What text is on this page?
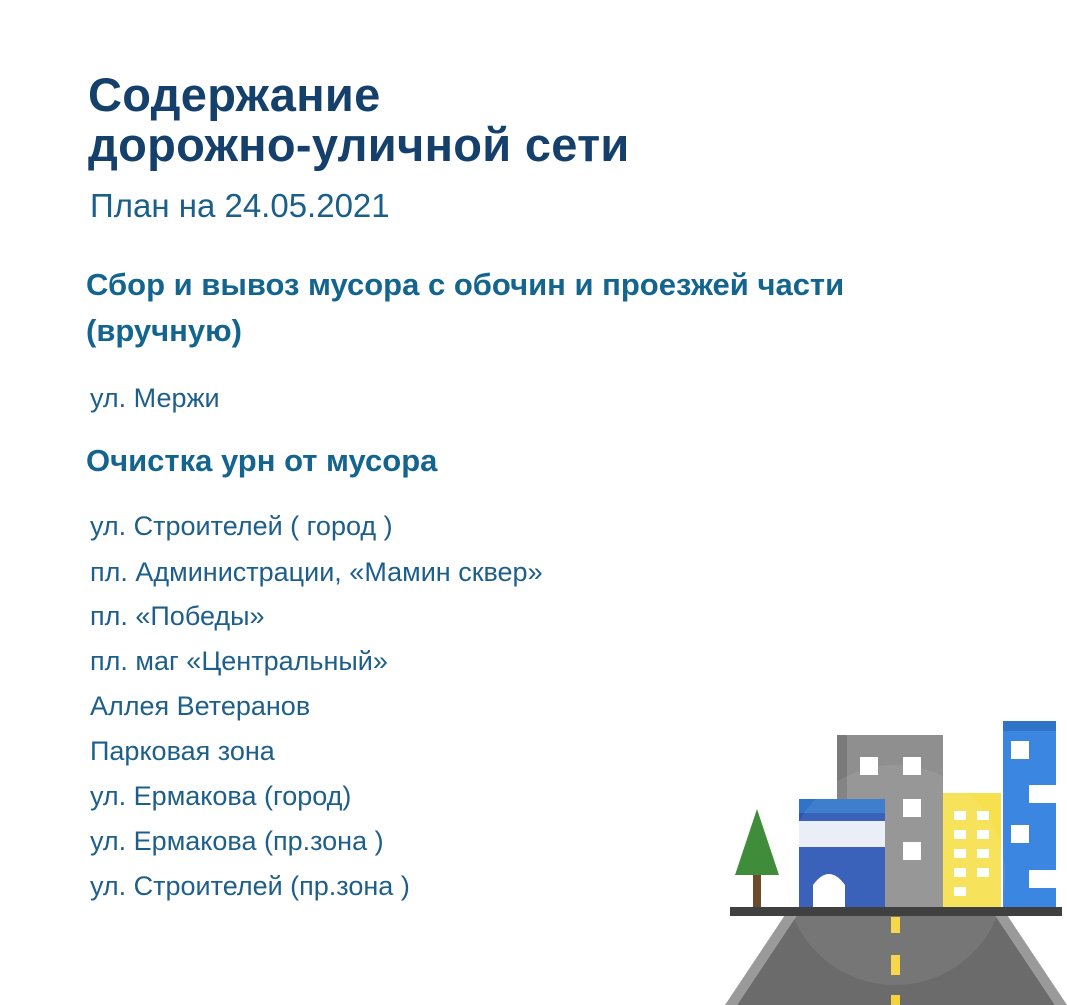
Содержание
дорожно-уличной сети
План на 24.05.2021
Сбор и вывоз мусора с обочин и проезжей части
(вручную)
ул. Мержи
Очистка урн от мусора
ул. Строителей ( город )
пл. Администрации, «Мамин сквер»
пл. «Победы»
пл. маг «Центральный»
Аллея Ветеранов
Парковая зона
ул. Ермакова (город)
ул. Ермакова (пр.зона )
ул. Строителей (пр.зона )
